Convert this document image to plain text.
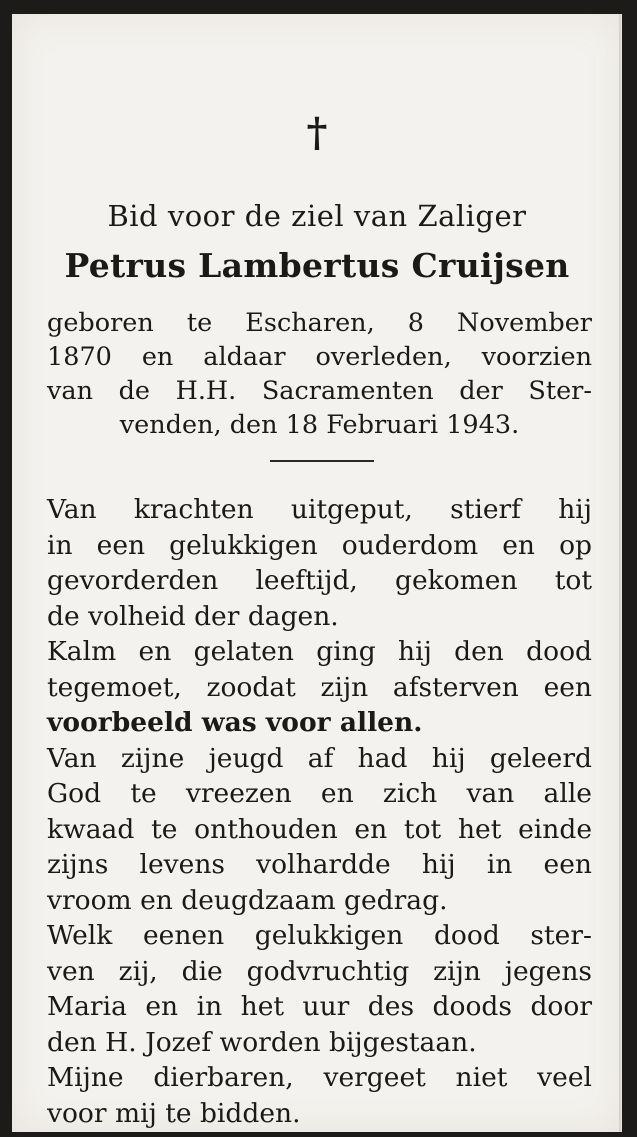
†
Bid voor de ziel van Zaliger
Petrus Lambertus Cruijsen
geboren te Escharen, 8 November
1870 en aldaar overleden, voorzien
van de H.H. Sacramenten der Ster-
venden, den 18 Februari 1943.
Van krachten uitgeput, stierf hij
in een gelukkigen ouderdom en op
gevorderden leeftijd, gekomen tot
de volheid der dagen.
Kalm en gelaten ging hij den dood
tegemoet, zoodat zijn afsterven een
voorbeeld was voor allen.
Van zijne jeugd af had hij geleerd
God te vreezen en zich van alle
kwaad te onthouden en tot het einde
zijns levens volhardde hij in een
vroom en deugdzaam gedrag.
Welk eenen gelukkigen dood ster-
ven zij, die godvruchtig zijn jegens
Maria en in het uur des doods door
den H. Jozef worden bijgestaan.
Mijne dierbaren, vergeet niet veel
voor mij te bidden.
